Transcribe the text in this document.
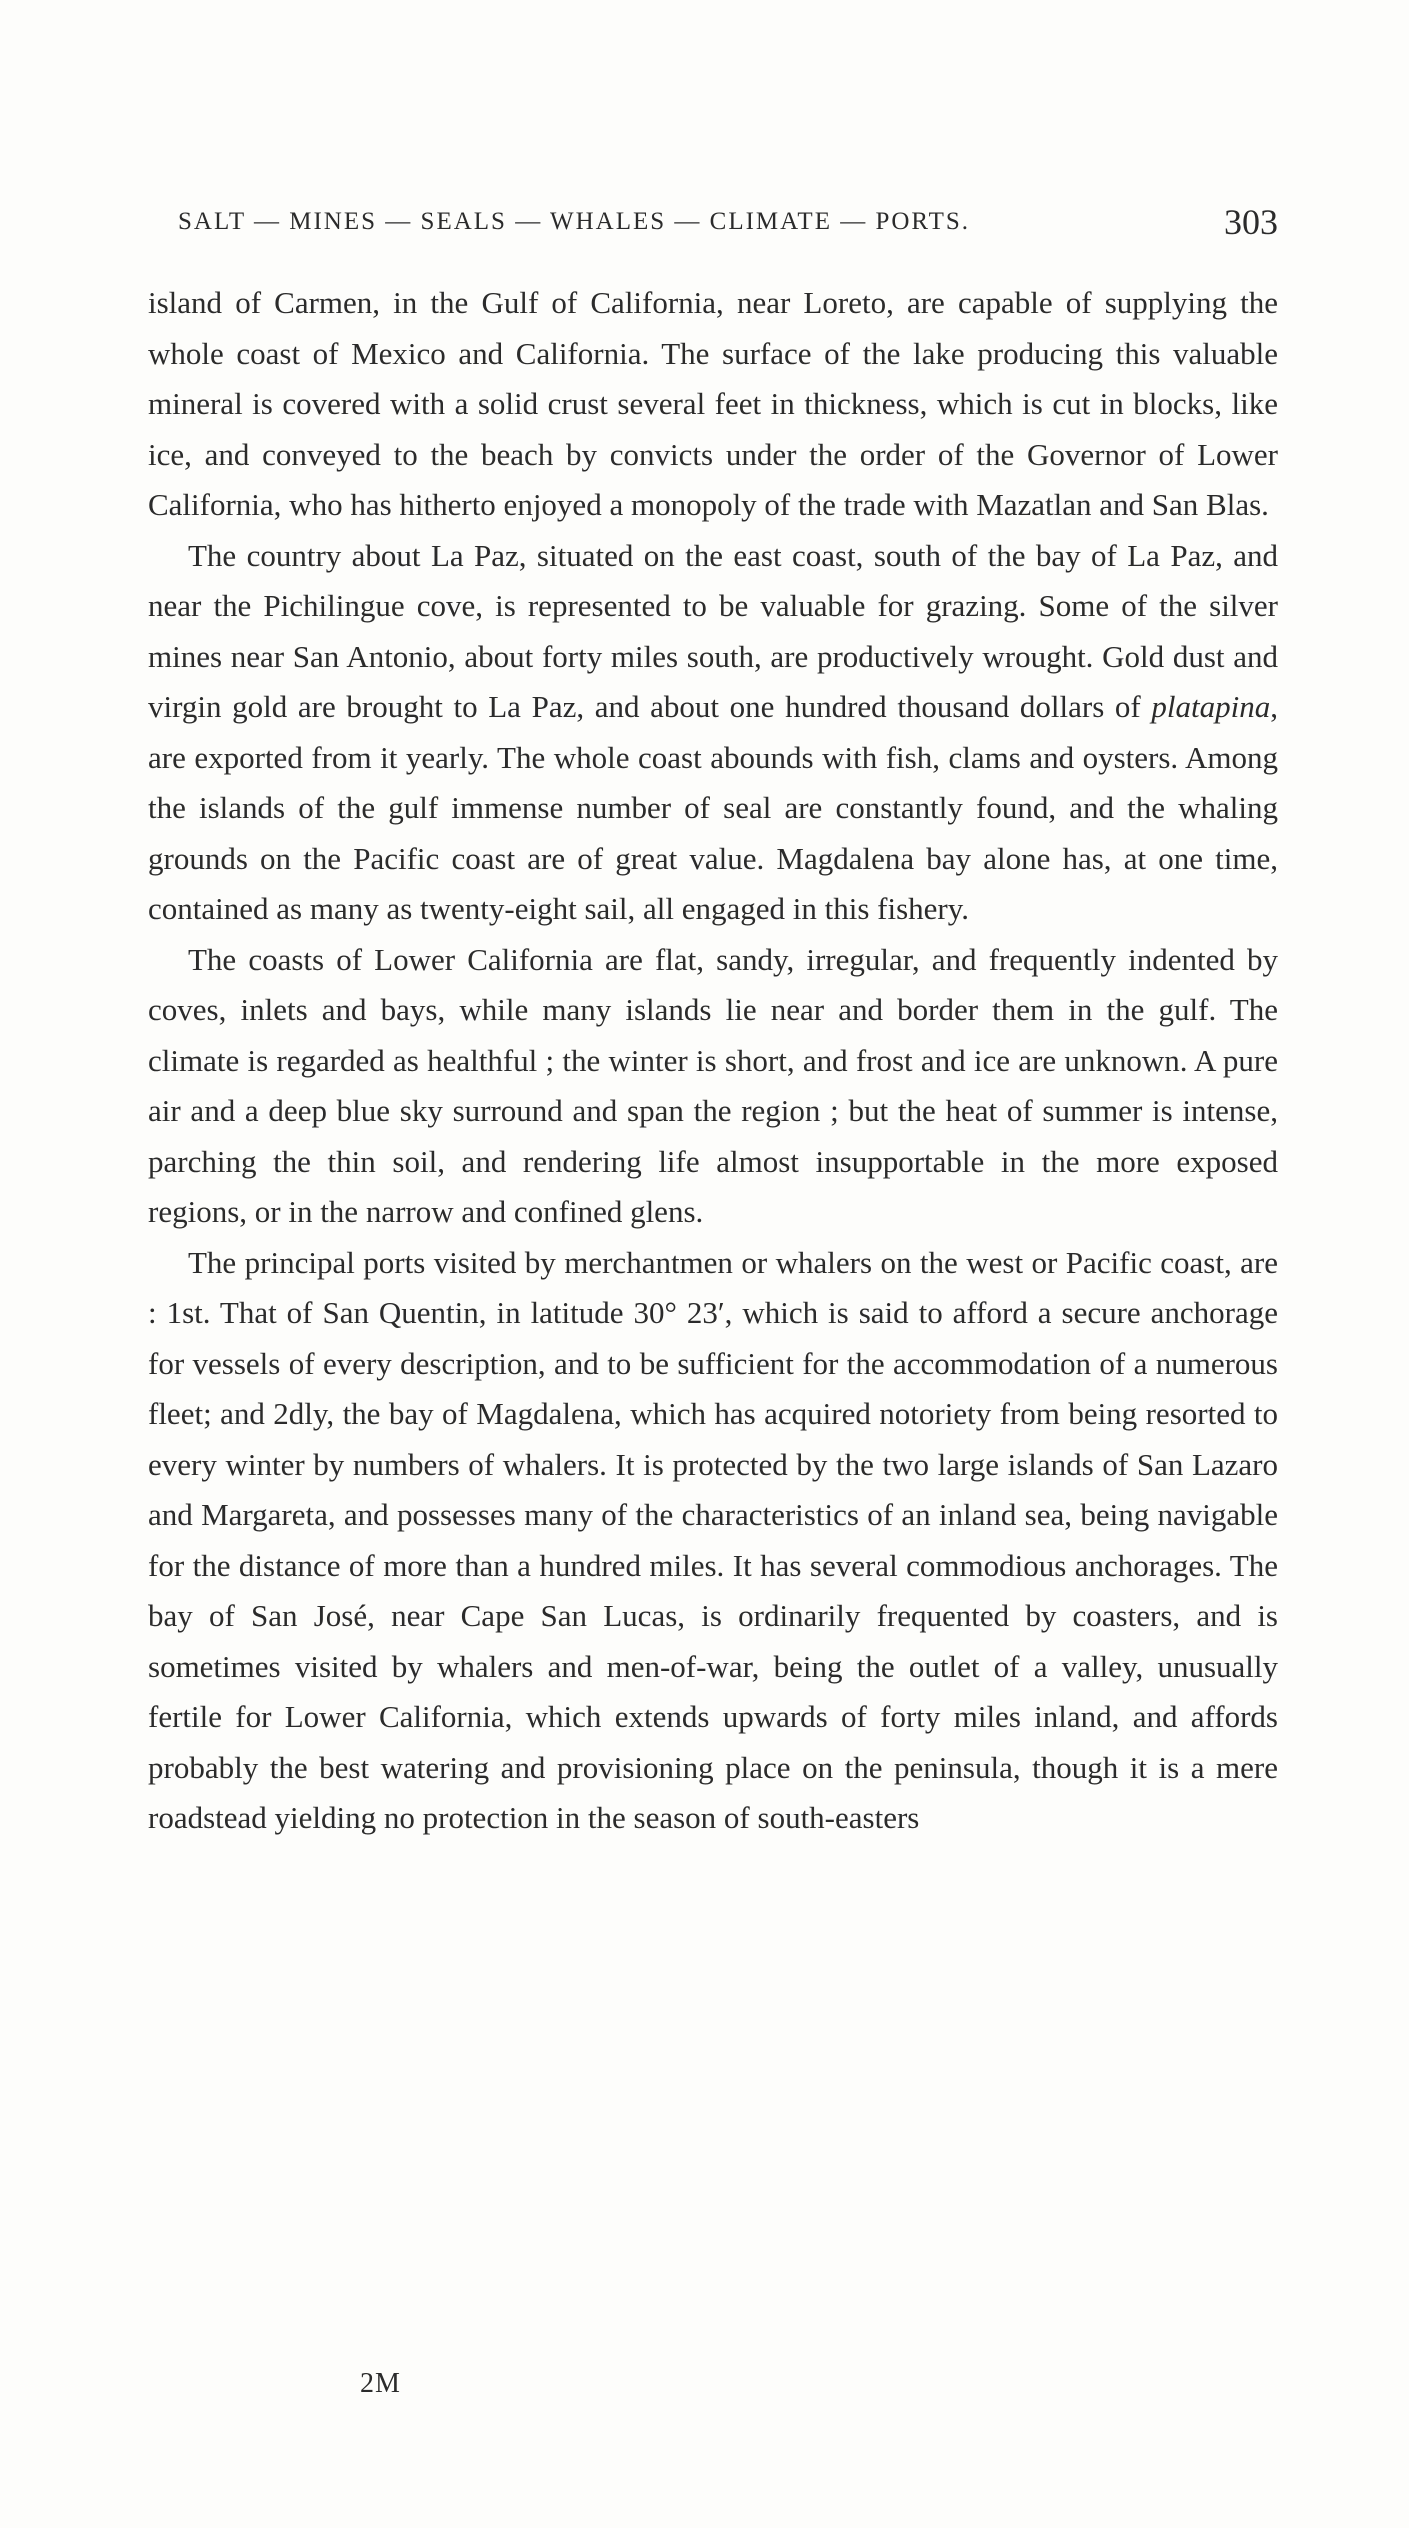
SALT — MINES — SEALS — WHALES — CLIMATE — PORTS.	303

island of Carmen, in the Gulf of California, near Loreto, are capable of supplying the whole coast of Mexico and California. The surface of the lake producing this valuable mineral is covered with a solid crust several feet in thickness, which is cut in blocks, like ice, and conveyed to the beach by convicts under the order of the Governor of Lower California, who has hitherto enjoyed a monopoly of the trade with Mazatlan and San Blas.

The country about La Paz, situated on the east coast, south of the bay of La Paz, and near the Pichilingue cove, is represented to be valuable for grazing. Some of the silver mines near San Antonio, about forty miles south, are productively wrought. Gold dust and virgin gold are brought to La Paz, and about one hundred thousand dollars of platapina, are exported from it yearly. The whole coast abounds with fish, clams and oysters. Among the islands of the gulf immense number of seal are constantly found, and the whaling grounds on the Pacific coast are of great value. Magdalena bay alone has, at one time, contained as many as twenty-eight sail, all engaged in this fishery.

The coasts of Lower California are flat, sandy, irregular, and frequently indented by coves, inlets and bays, while many islands lie near and border them in the gulf. The climate is regarded as healthful ; the winter is short, and frost and ice are unknown. A pure air and a deep blue sky surround and span the region ; but the heat of summer is intense, parching the thin soil, and rendering life almost insupportable in the more exposed regions, or in the narrow and confined glens.

The principal ports visited by merchantmen or whalers on the west or Pacific coast, are : 1st. That of San Quentin, in latitude 30° 23′, which is said to afford a secure anchorage for vessels of every description, and to be sufficient for the accommodation of a numerous fleet; and 2dly, the bay of Magdalena, which has acquired notoriety from being resorted to every winter by numbers of whalers. It is protected by the two large islands of San Lazaro and Margareta, and possesses many of the characteristics of an inland sea, being navigable for the distance of more than a hundred miles. It has several commodious anchorages. The bay of San José, near Cape San Lucas, is ordinarily frequented by coasters, and is sometimes visited by whalers and men-of-war, being the outlet of a valley, unusually fertile for Lower California, which extends upwards of forty miles inland, and affords probably the best watering and provisioning place on the peninsula, though it is a mere roadstead yielding no protection in the season of south-easters

2M
